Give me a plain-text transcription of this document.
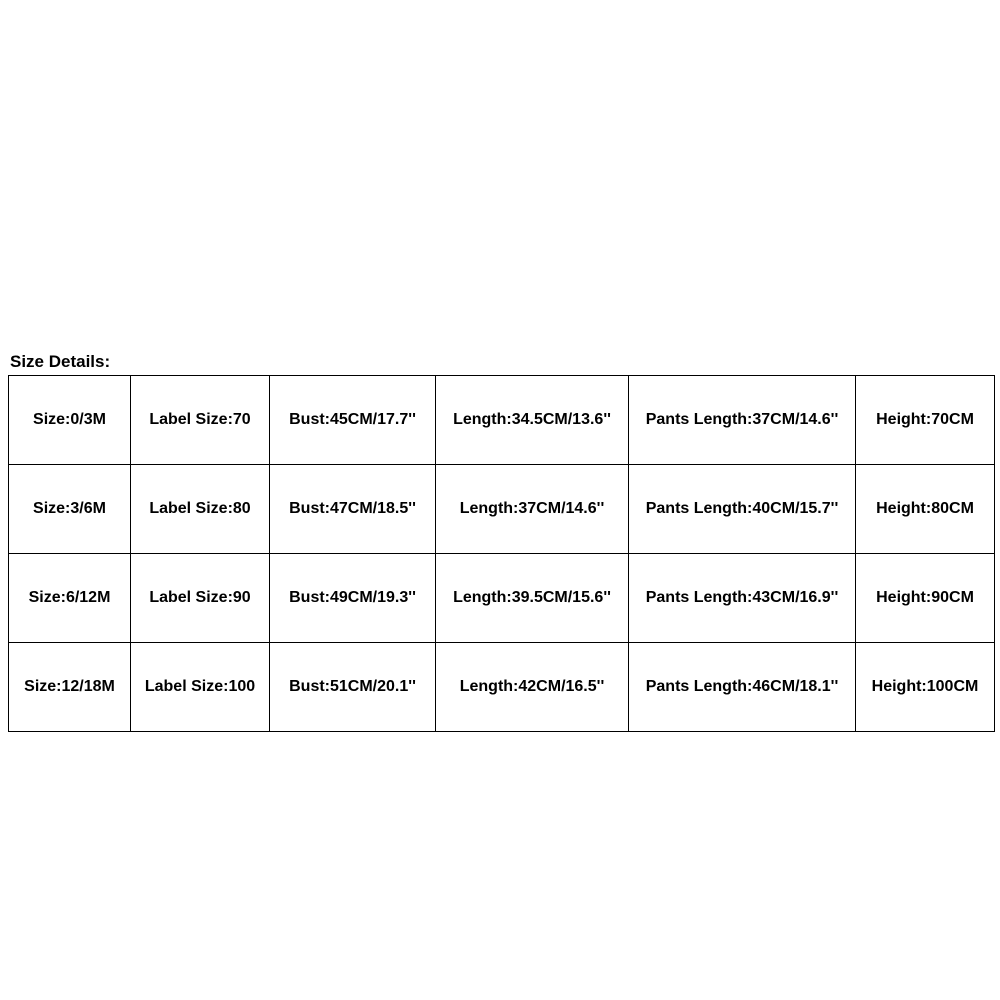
Size Details:
Size:0/3M	Label Size:70	Bust:45CM/17.7''	Length:34.5CM/13.6''	Pants Length:37CM/14.6''	Height:70CM
Size:3/6M	Label Size:80	Bust:47CM/18.5''	Length:37CM/14.6''	Pants Length:40CM/15.7''	Height:80CM
Size:6/12M	Label Size:90	Bust:49CM/19.3''	Length:39.5CM/15.6''	Pants Length:43CM/16.9''	Height:90CM
Size:12/18M	Label Size:100	Bust:51CM/20.1''	Length:42CM/16.5''	Pants Length:46CM/18.1''	Height:100CM
